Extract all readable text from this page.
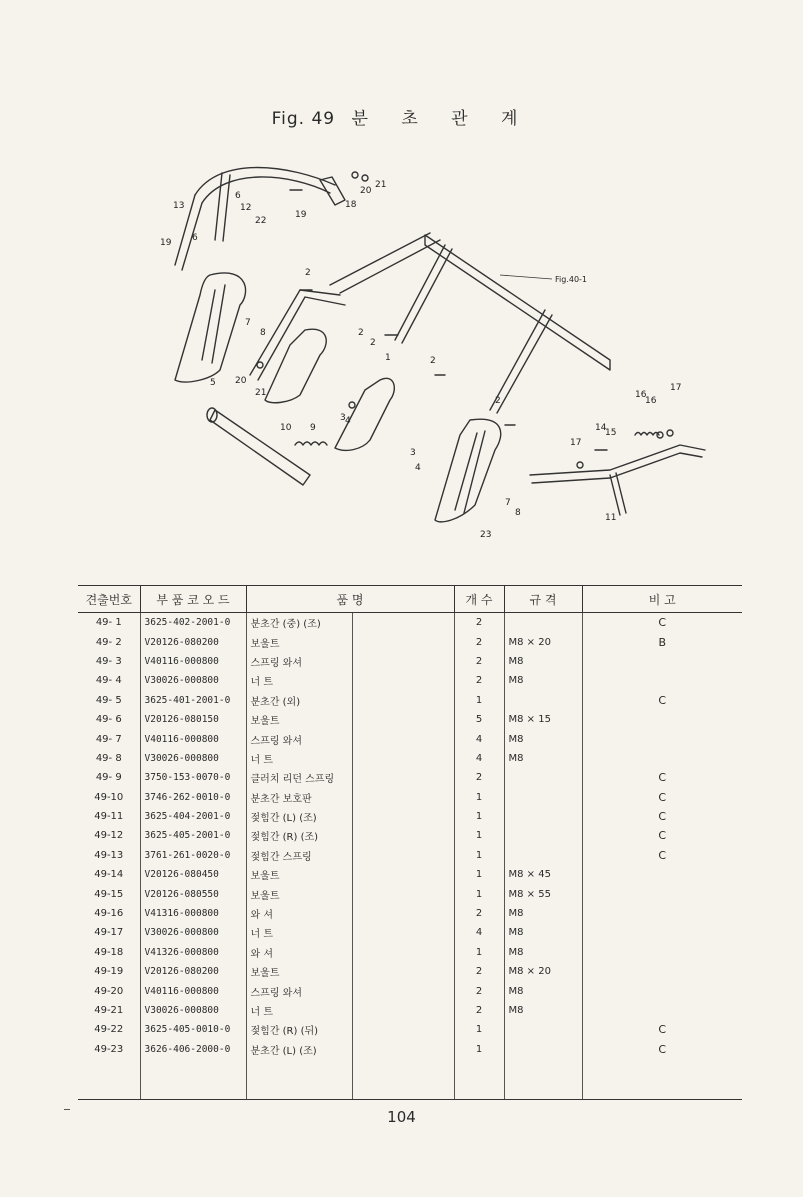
Fig. 49 분 초 관 계
Fig.40-1
1
2
2
2
2
2
3
3
4
4
5
6
6
7
7
8
8
9
10
11
12
13
14
15
16
16
17
17
18
19
19
20
20
21
21
22
23
견출번호	부 품 코 오 드	품 명		개 수	규 격	비 고
49- 1	3625-402-2001-0	분초간 (중) (조)		2		C
49- 2	V20126-080200	보울트		2	M8 × 20	B
49- 3	V40116-000800	스프링 와셔		2	M8	
49- 4	V30026-000800	너 트		2	M8	
49- 5	3625-401-2001-0	분초간 (외)		1		C
49- 6	V20126-080150	보울트		5	M8 × 15	
49- 7	V40116-000800	스프링 와셔		4	M8	
49- 8	V30026-000800	너 트		4	M8	
49- 9	3750-153-0070-0	클러치 리던 스프링		2		C
49-10	3746-262-0010-0	분초간 보호판		1		C
49-11	3625-404-2001-0	젖힘간 (L) (조)		1		C
49-12	3625-405-2001-0	젖힘간 (R) (조)		1		C
49-13	3761-261-0020-0	젖힘간 스프링		1		C
49-14	V20126-080450	보울트		1	M8 × 45	
49-15	V20126-080550	보울트		1	M8 × 55	
49-16	V41316-000800	와 셔		2	M8	
49-17	V30026-000800	너 트		4	M8	
49-18	V41326-000800	와 셔		1	M8	
49-19	V20126-080200	보울트		2	M8 × 20	
49-20	V40116-000800	스프링 와셔		2	M8	
49-21	V30026-000800	너 트		2	M8	
49-22	3625-405-0010-0	젖힘간 (R) (뒤)		1		C
49-23	3626-406-2000-0	분초간 (L) (조)		1		C

104
